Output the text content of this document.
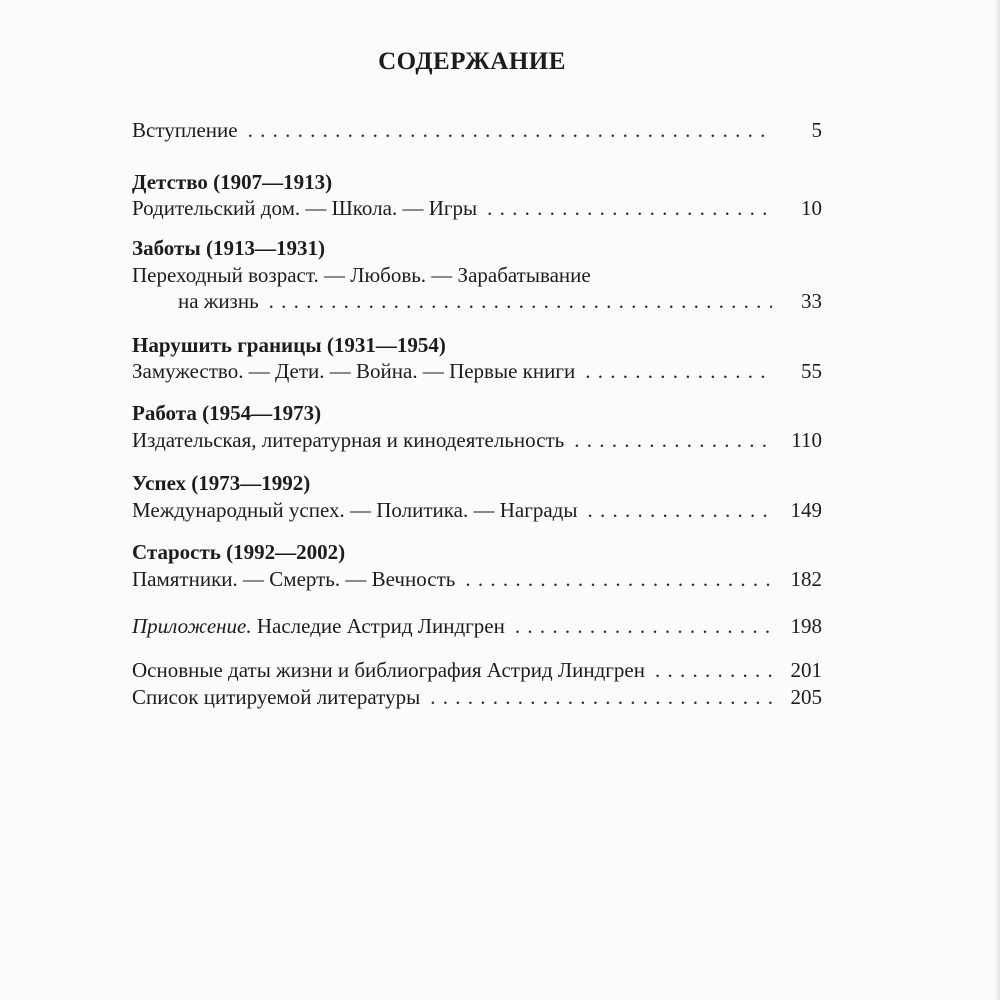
СОДЕРЖАНИЕ
Вступление . . .	5
Детство (1907—1913)
Родительский дом. — Школа. — Игры . . .	10
Заботы (1913—1931)
Переходный возраст. — Любовь. — Зарабатывание
на жизнь . . .	33
Нарушить границы (1931—1954)
Замужество. — Дети. — Война. — Первые книги . . .	55
Работа (1954—1973)
Издательская, литературная и кинодеятельность . . .	110
Успех (1973—1992)
Международный успех. — Политика. — Награды . . .	149
Старость (1992—2002)
Памятники. — Смерть. — Вечность . . .	182
Приложение. Наследие Астрид Линдгрен . . .	198
Основные даты жизни и библиография Астрид Линдгрен . . .	201
Список цитируемой литературы . . .	205
